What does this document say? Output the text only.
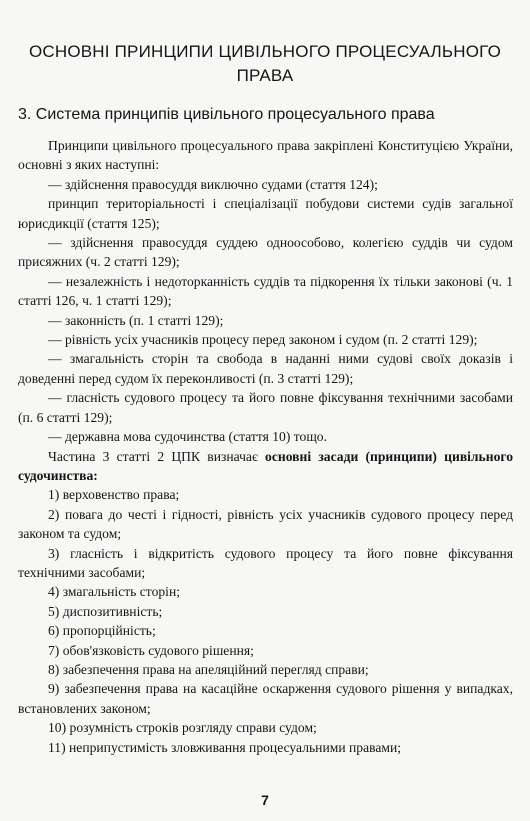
ОСНОВНІ ПРИНЦИПИ ЦИВІЛЬНОГО ПРОЦЕСУАЛЬНОГО
ПРАВА
3. Система принципів цивільного процесуального права

Принципи цивільного процесуального права закріплені Конституцією України, основні з яких наступні:

— здійснення правосуддя виключно судами (стаття 124);

принцип територіальності і спеціалізації побудови системи судів загальної юрисдикції (стаття 125);

— здійснення правосуддя суддею одноособово, колегією суддів чи судом присяжних (ч. 2 статті 129);

— незалежність і недоторканність суддів та підкорення їх тільки законові (ч. 1 статті 126, ч. 1 статті 129);

— законність (п. 1 статті 129);

— рівність усіх учасників процесу перед законом і судом (п. 2 статті 129);

— змагальність сторін та свобода в наданні ними судові своїх доказів і доведенні перед судом їх переконливості (п. 3 статті 129);

— гласність судового процесу та його повне фіксування технічними засобами (п. 6 статті 129);

— державна мова судочинства (стаття 10) тощо.

Частина 3 статті 2 ЦПК визначає основні засади (принципи) цивільного судочинства:

1) верховенство права;

2) повага до честі і гідності, рівність усіх учасників судового процесу перед законом та судом;

3) гласність і відкритість судового процесу та його повне фіксування технічними засобами;

4) змагальність сторін;

5) диспозитивність;

6) пропорційність;

7) обов'язковість судового рішення;

8) забезпечення права на апеляційний перегляд справи;

9) забезпечення права на касаційне оскарження судового рішення у випадках, встановлених законом;

10) розумність строків розгляду справи судом;

11) неприпустимість зловживання процесуальними правами;

7
